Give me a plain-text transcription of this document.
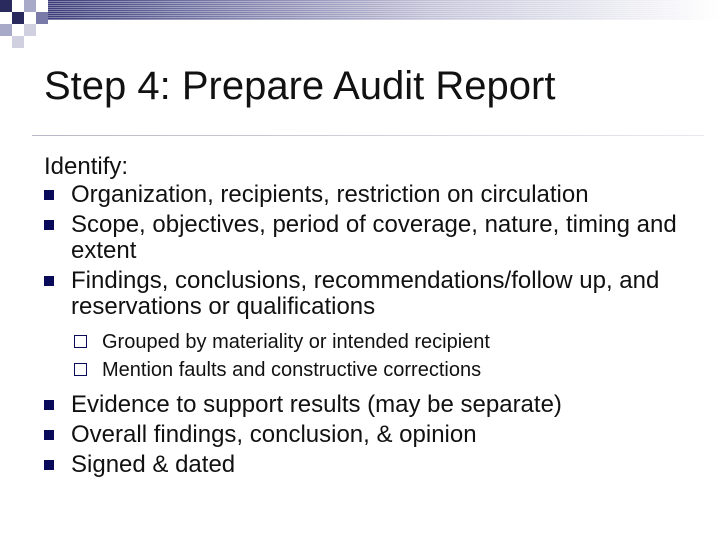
Step 4: Prepare Audit Report

Identify:

Organization, recipients, restriction on circulation
Scope, objectives, period of coverage, nature, timing and extent
Findings, conclusions, recommendations/follow up, and reservations or qualifications
Grouped by materiality or intended recipient
Mention faults and constructive corrections
Evidence to support results (may be separate)
Overall findings, conclusion, & opinion
Signed & dated
